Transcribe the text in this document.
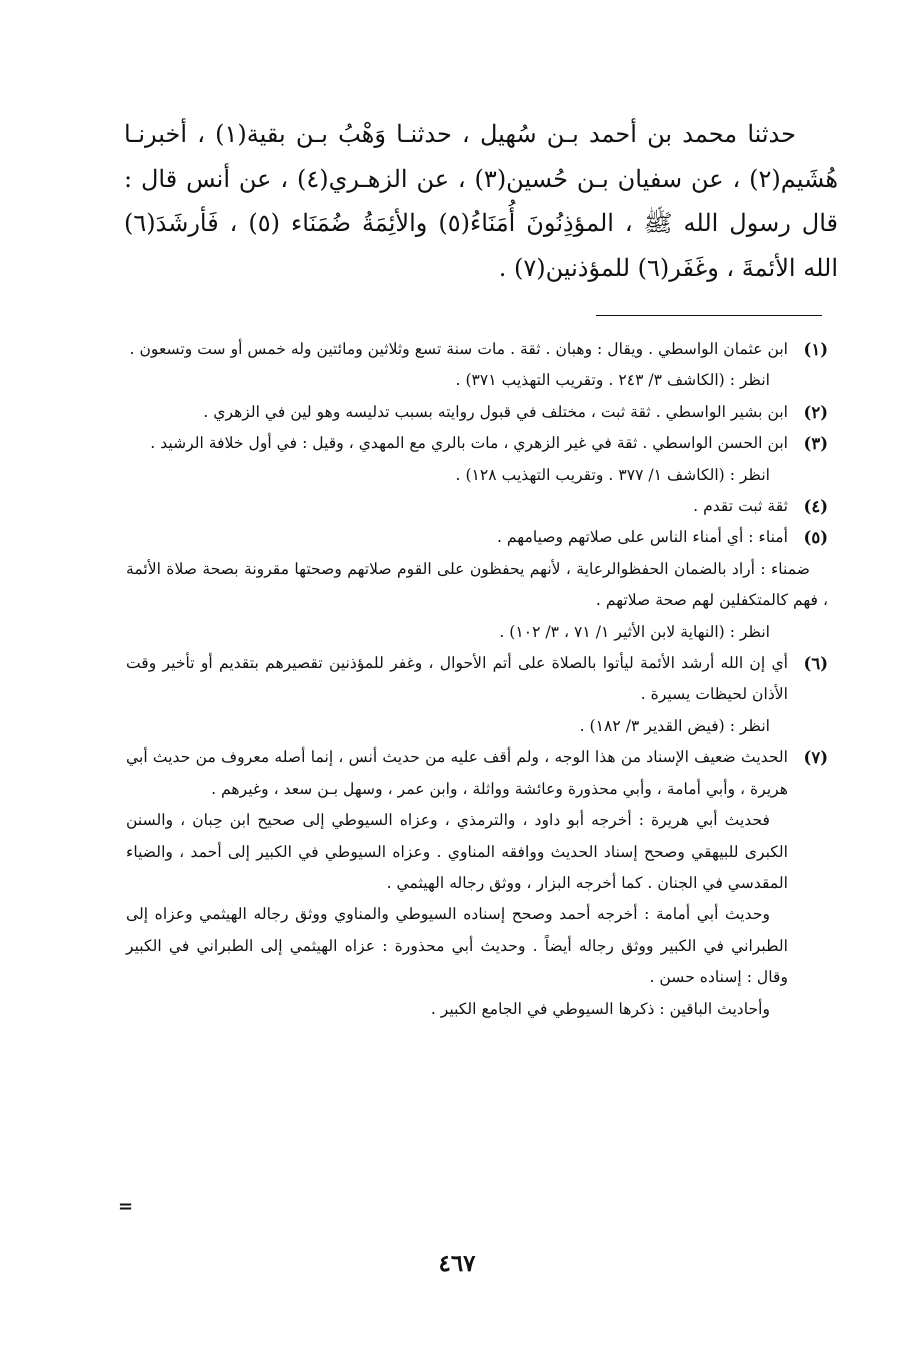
حدثنا محمد بن أحمد بـن سُهيل ، حدثنـا وَهْبُ بـن بقية(١) ، أخبرنـا هُشَيم(٢) ، عن سفيان بـن حُسين(٣) ، عن الزهـري(٤) ، عن أنس قال : قال رسول الله ﷺ ، المؤذِنُونَ أُمَنَاءُ(٥) والأئِمَةُ ضُمَنَاء (٥) ، فَأرشَدَ(٦) الله الأئمةَ ، وغَفَر(٦) للمؤذنين(٧) .

(١)

ابن عثمان الواسطي . ويقال : وهبان . ثقة . مات سنة تسع وثلاثين ومائتين وله خمس أو ست وتسعون .

انظر : (الكاشف ٣/ ٢٤٣ . وتقريب التهذيب ٣٧١) .

(٢)

ابن بشير الواسطي . ثقة ثبت ، مختلف في قبول روايته بسبب تدليسه وهو لين في الزهري .

(٣)

ابن الحسن الواسطي . ثقة في غير الزهري ، مات بالري مع المهدي ، وقيل : في أول خلافة الرشيد .

انظر : (الكاشف ١/ ٣٧٧ . وتقريب التهذيب ١٢٨) .

(٤)

ثقة ثبت تقدم .

(٥)

أمناء : أي أمناء الناس على صلاتهم وصيامهم .

ضمناء : أراد بالضمان الحفظوالرعاية ، لأنهم يحفظون على القوم صلاتهم وصحتها مقرونة بصحة صلاة الأئمة ، فهم كالمتكفلين لهم صحة صلاتهم .

انظر : (النهاية لابن الأثير ١/ ٧١ ، ٣/ ١٠٢) .

(٦)

أي إن الله أرشد الأئمة ليأتوا بالصلاة على أتم الأحوال ، وغفر للمؤذنين تقصيرهم بتقديم أو تأخير وقت الأذان لحيظات يسيرة .

انظر : (فيض القدير ٣/ ١٨٢) .

(٧)

الحديث ضعيف الإسناد من هذا الوجه ، ولم أقف عليه من حديث أنس ، إنما أصله معروف من حديث أبي هريرة ، وأبي أمامة ، وأبي محذورة وعائشة وواثلة ، وابن عمر ، وسهل بـن سعد ، وغيرهم .

فحديث أبي هريرة : أخرجه أبو داود ، والترمذي ، وعزاه السيوطي إلى صحيح ابن حِبان ، والسنن الكبرى للبيهقي وصحح إسناد الحديث ووافقه المناوي . وعزاه السيوطي في الكبير إلى أحمد ، والضياء المقدسي في الجنان . كما أخرجه البزار ، ووثق رجاله الهيثمي .

وحديث أبي أمامة : أخرجه أحمد وصحح إسناده السيوطي والمناوي ووثق رجاله الهيثمي وعزاه إلى الطبراني في الكبير ووثق رجاله أيضاً . وحديث أبي محذورة : عزاه الهيثمي إلى الطبراني في الكبير وقال : إسناده حسن .

وأحاديث الباقين : ذكرها السيوطي في الجامع الكبير .

=
٤٦٧
